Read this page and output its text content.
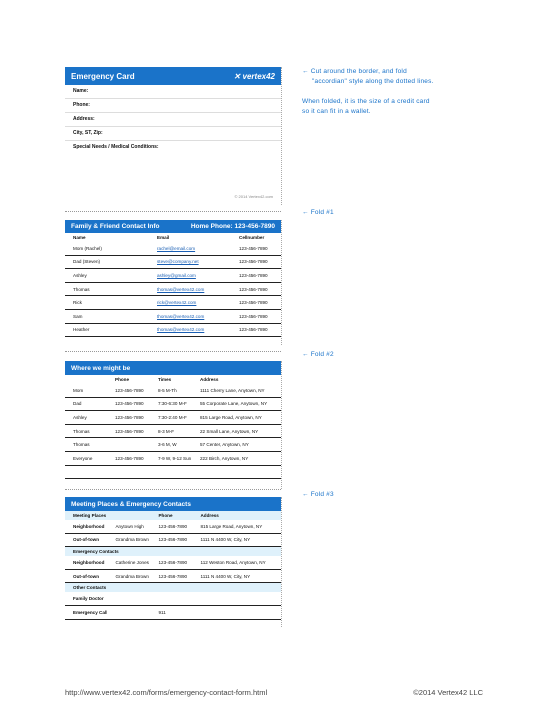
Emergency Card	✕ vertex42
Name:
Phone:
Address:
City, ST, Zip:
Special Needs / Medical Conditions:
© 2014 Vertex42.com
Family & Friend Contact Info	Home Phone: 123-456-7890
Name	Email	Cellnumber
Mom (Rachel)	rachel@email.com	123-456-7890
Dad (Steven)	steve@company.net	123-456-7890
Ashley	ashley@gmail.com	123-456-7890
Thomas	thomas@vertex42.com	123-456-7890
Rick	rick@vertex42.com	123-456-7890
Sam	thomas@vertex42.com	123-456-7890
Heather	thomas@vertex42.com	123-456-7890
Where we might be
	Phone	Times	Address
Mom	123-456-7890	8-5 M-Th	1111 Cherry Lane, Anytown, NY
Dad	123-456-7890	7:30-6:30 M-F	55 Corporate Lane, Anytown, NY
Ashley	123-456-7890	7:30-2:40 M-F	815 Large Road, Anytown, NY
Thomas	123-456-7890	8-3 M-F	22 Small Lane, Anytown, NY
Thomas		3-6 M, W	57 Center, Anytown, NY
Everyone	123-456-7890	7-9 W, 9-12 Sun	222 Birch, Anytown, NY

Meeting Places & Emergency Contacts
Meeting Places		Phone	Address
Neighborhood	Anytown High	123-456-7890	815 Large Road, Anytown, NY
Out-of-town	Grandma Brown	123-456-7890	1111 N 4400 W, City, NY
Emergency Contacts			
Neighborhood	Catherine Jones	123-456-7890	112 Weston Road, Anytown, NY
Out-of-town	Grandma Brown	123-456-7890	1111 N 4400 W, City, NY
Other Contacts			
Family Doctor			
Emergency Call		911	
← Cut around the border, and fold
"accordian" style along the dotted lines.
When folded, it is the size of a credit card
so it can fit in a wallet.
← Fold #1
← Fold #2
← Fold #3
http://www.vertex42.com/forms/emergency-contact-form.html	©2014 Vertex42 LLC
